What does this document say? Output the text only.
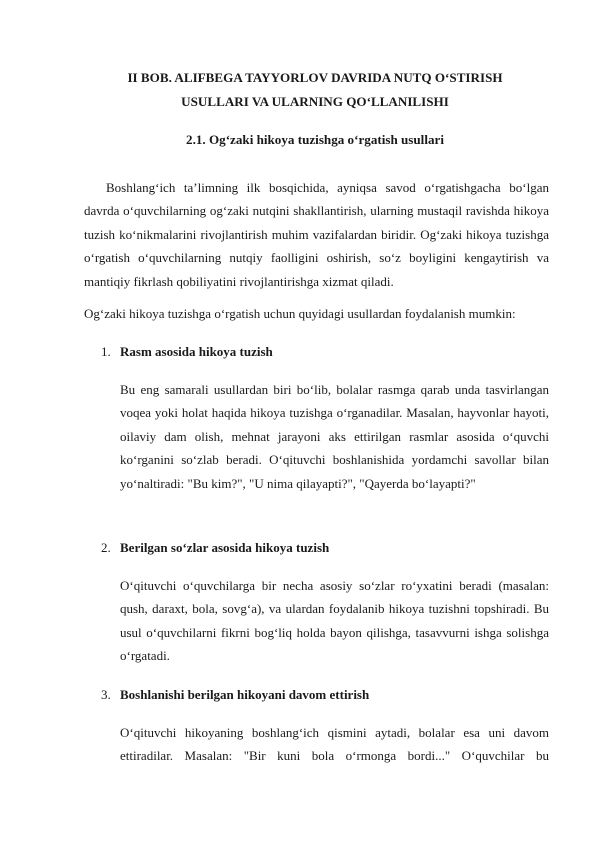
II BOB. ALIFBEGA TAYYORLOV DAVRIDA NUTQ O‘STIRISH
USULLARI VA ULARNING QO‘LLANILISHI
2.1. Og‘zaki hikoya tuzishga o‘rgatish usullari

Boshlang‘ich ta’limning ilk bosqichida, ayniqsa savod o‘rgatishgacha bo‘lgan davrda o‘quvchilarning og‘zaki nutqini shakllantirish, ularning mustaqil ravishda hikoya tuzish ko‘nikmalarini rivojlantirish muhim vazifalardan biridir. Og‘zaki hikoya tuzishga o‘rgatish o‘quvchilarning nutqiy faolligini oshirish, so‘z boyligini kengaytirish va mantiqiy fikrlash qobiliyatini rivojlantirishga xizmat qiladi.

Og‘zaki hikoya tuzishga o‘rgatish uchun quyidagi usullardan foydalanish mumkin:

1. Rasm asosida hikoya tuzish

Bu eng samarali usullardan biri bo‘lib, bolalar rasmga qarab unda tasvirlangan voqea yoki holat haqida hikoya tuzishga o‘rganadilar. Masalan, hayvonlar hayoti, oilaviy dam olish, mehnat jarayoni aks ettirilgan rasmlar asosida o‘quvchi ko‘rganini so‘zlab beradi. O‘qituvchi boshlanishida yordamchi savollar bilan yo‘naltiradi: "Bu kim?", "U nima qilayapti?", "Qayerda bo‘layapti?"

2. Berilgan so‘zlar asosida hikoya tuzish

O‘qituvchi o‘quvchilarga bir necha asosiy so‘zlar ro‘yxatini beradi (masalan: qush, daraxt, bola, sovg‘a), va ulardan foydalanib hikoya tuzishni topshiradi. Bu usul o‘quvchilarni fikrni bog‘liq holda bayon qilishga, tasavvurni ishga solishga o‘rgatadi.

3. Boshlanishi berilgan hikoyani davom ettirish

O‘qituvchi hikoyaning boshlang‘ich qismini aytadi, bolalar esa uni davom ettiradilar. Masalan: "Bir kuni bola o‘rmonga bordi..." O‘quvchilar bu
